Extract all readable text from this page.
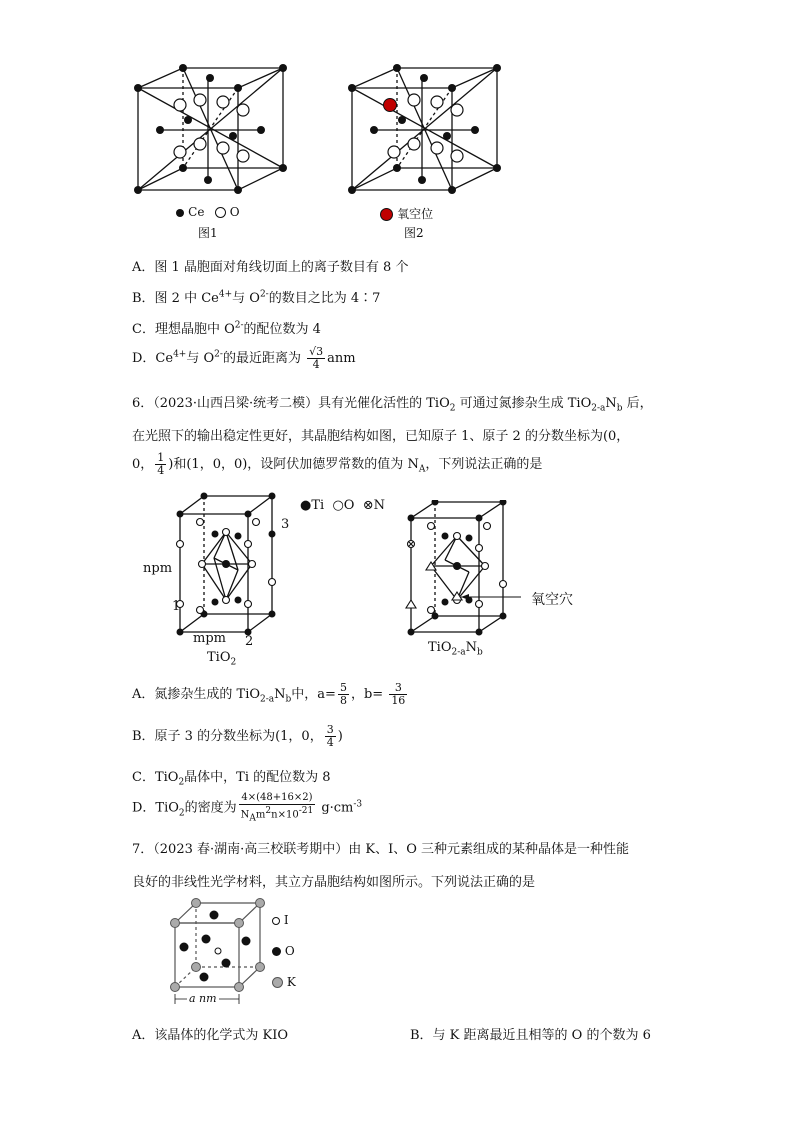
Ce O
图1
氧空位
图2
A．图 1 晶胞面对角线切面上的离子数目有 8 个
B．图 2 中 $Ce^{4+}$与 $O^{2-}$的数目之比为 4∶7
C．理想晶胞中 $O^{2-}$的配位数为 4
D．$Ce^{4+}$与 $O^{2-}$的最近距离为 $\frac{√3}{4}$ anm
6．（2023·山西吕梁·统考二模）具有光催化活性的 TiO$_2$ 可通过氮掺杂生成 $TiO_{2-a}N_b$ 后，
在光照下的输出稳定性更好，其晶胞结构如图，已知原子 1、原子 2 的分数坐标为(0，
0， $\frac{1}{4}$ )和(1，0，0)，设阿伏加德罗常数的值为 $N_A$，下列说法正确的是
●Ti ○O ⊗N
npm
1
3
mpm 2
TiO$_2$
氧空穴
$TiO_{2-a}N_b$
A．氮掺杂生成的 $TiO_{2-a}N_b$中，$a= \frac{5}{8}$ ，$b= \frac{3}{16}$
B．原子 3 的分数坐标为(1，0， $\frac{3}{4}$ )
C．TiO$_2$晶体中，Ti 的配位数为 8
D．TiO$_2$的密度为 $\frac{4\times(48+16\times 2)}{N_Am^2n\times 10^{-21}} g\cdot cm^{-3}$
7．（2023 春·湖南·高三校联考期中）由 K、I、O 三种元素组成的某种晶体是一种性能
良好的非线性光学材料，其立方晶胞结构如图所示。下列说法正确的是
a nm
I
O
K
A．该晶体的化学式为 KIO	B．与 K 距离最近且相等的 O 的个数为 6
